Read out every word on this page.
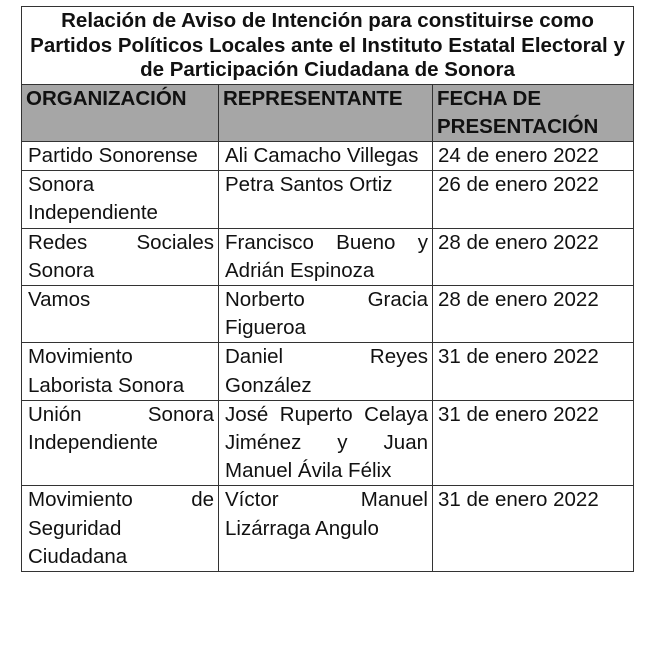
Relación de Aviso de Intención para constituirse como Partidos Políticos Locales ante el Instituto Estatal Electoral y de Participación Ciudadana de Sonora		
ORGANIZACIÓN	REPRESENTANTE	FECHA DE PRESENTACIÓN
Partido Sonorense	Ali Camacho Villegas	24 de enero 2022
Sonora Independiente	Petra Santos Ortiz	26 de enero 2022
Redes Sociales Sonora	Francisco Bueno y Adrián Espinoza	28 de enero 2022
Vamos	Norberto Gracia Figueroa	28 de enero 2022
Movimiento Laborista Sonora	Daniel Reyes González	31 de enero 2022
Unión Sonora Independiente	José Ruperto Celaya Jiménez y Juan Manuel Ávila Félix	31 de enero 2022
Movimiento de Seguridad Ciudadana	Víctor Manuel Lizárraga Angulo	31 de enero 2022
